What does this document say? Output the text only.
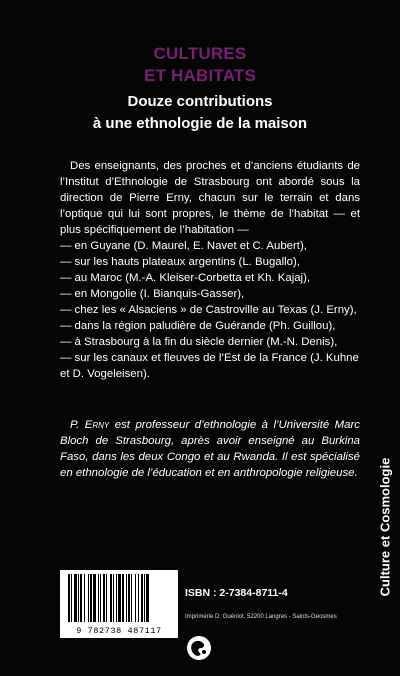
CULTURES
ET HABITATS
Douze contributions
à une ethnologie de la maison

Des enseignants, des proches et d’anciens étudiants de l’Institut d’Ethnologie de Strasbourg ont abordé sous la direction de Pierre Erny, chacun sur le terrain et dans l’optique qui lui sont propres, le thème de l’habitat — et plus spécifiquement de l’habitation —

— en Guyane (D. Maurel, E. Navet et C. Aubert),

— sur les hauts plateaux argentins (L. Bugallo),

— au Maroc (M.-A. Kleiser-Corbetta et Kh. Kajaj),

— en Mongolie (I. Bianquis-Gasser),

— chez les « Alsaciens » de Castroville au Texas (J. Erny),

— dans la région paludière de Guérande (Ph. Guillou),

— à Strasbourg à la fin du siècle dernier (M.-N. Denis),

— sur les canaux et fleuves de l’Est de la France (J. Kuhne et D. Vogeleisen).

P. Erny est professeur d’ethnologie à l’Université Marc Bloch de Strasbourg, après avoir enseigné au Burkina Faso, dans les deux Congo et au Rwanda. Il est spécialisé en ethnologie de l’éducation et en anthropologie religieuse. Culture et Cosmologie
9 782738 487117
ISBN : 2-7384-8711-4
Imprimerie D. Guéniot. 52200 Langres - Saints-Geosmes
